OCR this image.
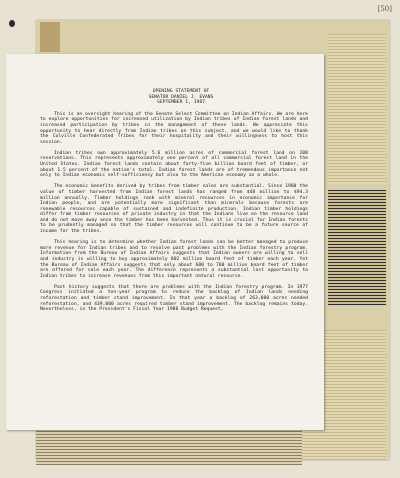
[50]

OPENING STATEMENT OF

SENATOR DANIEL J. EVANS

SEPTEMBER 1, 1987

This is an oversight hearing of the Senate Select Committee on Indian Affairs. We are here to explore opportunities for increased utilization by Indian tribes of Indian forest lands and increased participation by tribes in the management of these lands. We appreciate this opportunity to hear directly from Indian tribes on this subject, and we would like to thank the Colville Confederated Tribes for their hospitality and their willingness to host this session.

Indian tribes own approximately 5.6 million acres of commercial forest land on 200 reservations. This represents approximately one percent of all commercial forest land in the United States. Indian forest lands contain about forty-five billion board feet of timber, or about 1.5 percent of the nation's total. Indian forest lands are of tremendous importance not only to Indian economic self-sufficiency but also to the American economy as a whole.

The economic benefits derived by tribes from timber sales are substantial. Since 1980 the value of timber harvested from Indian forest lands has ranged from $48 million to $94.3 million annually. Timber holdings rank with mineral resources in economic importance for Indian people, and are potentially more significant than minerals because forests are renewable resources capable of sustained and indefinite production. Indian timber holdings differ from timber resources of private industry in that the Indians live on the resource land and do not move away once the timber has been harvested. Thus it is crucial for Indian forests to be prudently managed so that the timber resources will continue to be a future source of income for the tribes.

This hearing is to determine whether Indian forest lands can be better managed to produce more revenue for Indian tribes and to resolve past problems with the Indian forestry program. Information from the Bureau of Indian Affairs suggests that Indian owners are willing to sell and industry is willing to buy approximately 802 million board feet of timber each year. Yet the Bureau of Indian Affairs suggests that only about 600 to 700 million board feet of timber are offered for sale each year. The difference represents a substantial lost opportunity to Indian tribes to increase revenues from this important natural resource.

Past history suggests that there are problems with the Indian forestry program. In 1977 Congress initiated a ten-year program to reduce the backlog of Indian lands needing reforestation and timber stand improvement. In that year a backlog of 263,000 acres needed reforestation, and 439,000 acres required timber stand improvement. The backlog remains today. Nevertheless, in the President's Fiscal Year 1988 Budget Request,
